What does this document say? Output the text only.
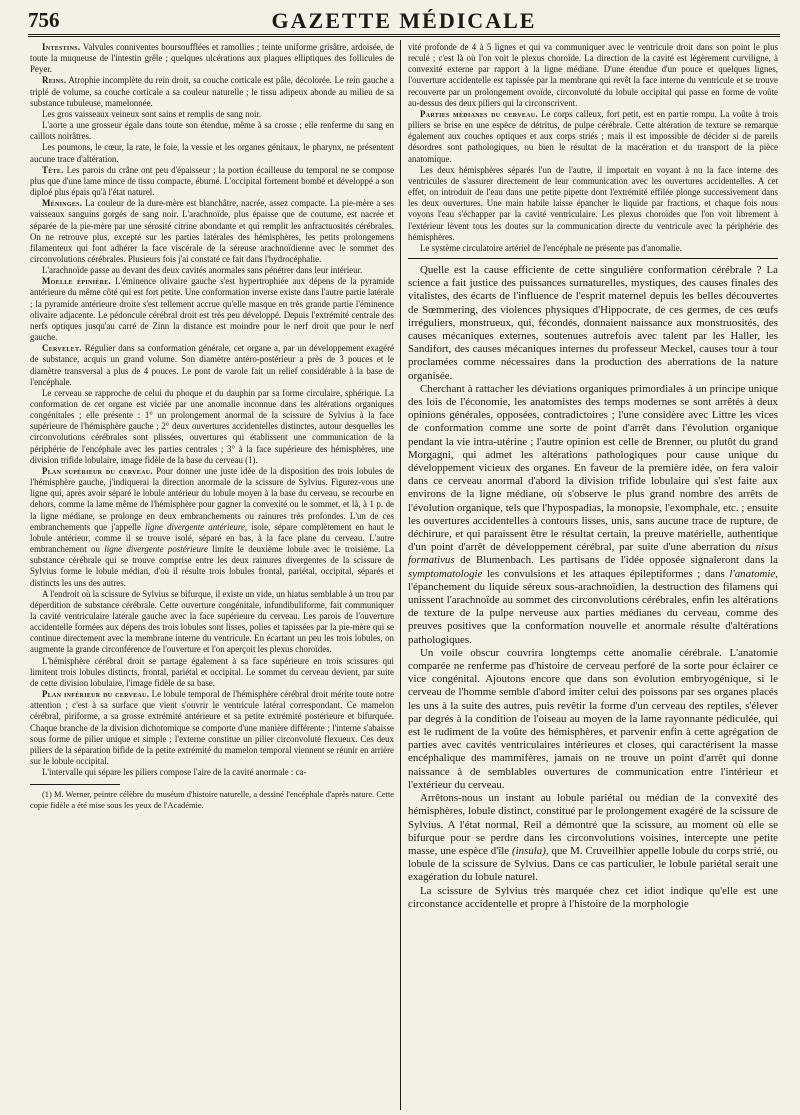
756	GAZETTE MÉDICALE

Intestins. Valvules conniventes boursoufflées et ramollies ; teinte uniforme grisâtre, ardoisée, de toute la muqueuse de l'intestin grêle ; quelques ulcérations aux plaques elliptiques des follicules de Peyer.

Reins. Atrophie incomplète du rein droit, sa couche corticale est pâle, décolorée. Le rein gauche a triplé de volume, sa couche corticale a sa couleur naturelle ; le tissu adipeux abonde au milieu de sa substance tubuleuse, mamelonnée.

Les gros vaisseaux veineux sont sains et remplis de sang noir.

L'aorte a une grosseur égale dans toute son étendue, même à sa crosse ; elle renferme du sang en caillots noirâtres.

Les poumons, le cœur, la rate, le foie, la vessie et les organes génitaux, le pharynx, ne présentent aucune trace d'altération.

Tête. Les parois du crâne ont peu d'épaisseur ; la portion écailleuse du temporal ne se compose plus que d'une lame mince de tissu compacte, éburné. L'occipital fortement bombé et développé a son diploé plus épais qu'à l'état naturel.

Méninges. La couleur de la dure-mère est blanchâtre, nacrée, assez compacte. La pie-mère a ses vaisseaux sanguins gorgés de sang noir. L'arachnoïde, plus épaisse que de coutume, est nacrée et séparée de la pie-mère par une sérosité citrine abondante et qui remplit les anfractuosités cérébrales. On ne retrouve plus, excepté sur les parties latérales des hémisphères, les petits prolongemens filamenteux qui font adhérer la face viscérale de la séreuse arachnoïdienne avec le sommet des circonvolutions cérébrales. Plusieurs fois j'ai constaté ce fait dans l'hydrocéphalie.

L'arachnoïde passe au devant des deux cavités anormales sans pénétrer dans leur intérieur.

Moelle épinière. L'éminence olivaire gauche s'est hypertrophiée aux dépens de la pyramide antérieure du même côté qui est fort petite. Une conformation inverse existe dans l'autre partie latérale ; la pyramide antérieure droite s'est tellement accrue qu'elle masque en très grande partie l'éminence olivaire adjacente. Le pédoncule cérébral droit est très peu développé. Depuis l'extrémité centrale des nerfs optiques jusqu'au carré de Zinn la distance est moindre pour le nerf droit que pour le nerf gauche.

Cervelet. Régulier dans sa conformation générale, cet organe a, par un développement exagéré de substance, acquis un grand volume. Son diamètre antéro-postérieur a près de 3 pouces et le diamètre transversal a plus de 4 pouces. Le pont de varole fait un relief considérable à la base de l'encéphale.

Le cerveau se rapproche de celui du phoque et du dauphin par sa forme circulaire, sphérique. La conformation de cet organe est viciée par une anomalie inconnue dans les altérations organiques congénitales ; elle présente : 1° un prolongement anormal de la scissure de Sylvius à la face supérieure de l'hémisphère gauche ; 2° deux ouvertures accidentelles distinctes, autour desquelles les circonvolutions cérébrales sont plissées, ouvertures qui établissent une communication de la périphérie de l'encéphale avec les parties centrales ; 3° à la face supérieure des hémisphères, une division trifide lobulaire, image fidèle de la base du cerveau (1).

Plan supérieur du cerveau. Pour donner une juste idée de la disposition des trois lobules de l'hémisphère gauche, j'indiquerai la direction anormale de la scissure de Sylvius. Figurez-vous une ligne qui, après avoir séparé le lobule antérieur du lobule moyen à la base du cerveau, se recourbe en dehors, comme la lame même de l'hémisphère pour gagner la convexité ou le sommet, et là, à 1 p. de la ligne médiane, se prolonge en deux embranchements ou rainures très profondes. L'un de ces embranchements que j'appelle ligne divergente antérieure, isole, sépare complètement en haut le lobule antérieur, comme il se trouve isolé, séparé en bas, à la face plane du cerveau. L'autre embranchement ou ligne divergente postérieure limite le deuxième lobule avec le troisième. La substance cérébrale qui se trouve comprise entre les deux rainures divergentes de la scissure de Sylvius forme le lobule médian, d'où il résulte trois lobules frontal, pariétal, occipital, séparés et distincts les uns des autres.

A l'endroit où la scissure de Sylvius se bifurque, il existe un vide, un hiatus semblable à un trou par déperdition de substance cérébrale. Cette ouverture congénitale, infundibuliforme, fait communiquer la cavité ventriculaire latérale gauche avec la face supérieure du cerveau. Les parois de l'ouverture accidentelle formées aux dépens des trois lobules sont lisses, polies et tapissées par la pie-mère qui se continue directement avec la membrane interne du ventricule. En écartant un peu les trois lobules, on augmente la grande circonférence de l'ouverture et l'on aperçoit les plexus choroïdes.

L'hémisphère cérébral droit se partage également à sa face supérieure en trois scissures qui limitent trois lobules distincts, frontal, pariétal et occipital. Le sommet du cerveau devient, par suite de cette division lobulaire, l'image fidèle de sa base.

Plan inférieur du cerveau. Le lobule temporal de l'hémisphère cérébral droit mérite toute notre attention ; c'est à sa surface que vient s'ouvrir le ventricule latéral correspondant. Ce mamelon cérébral, piriforme, a sa grosse extrémité antérieure et sa petite extrémité postérieure et bifurquée. Chaque branche de la division dichotomique se comporte d'une manière différente ; l'interne s'abaisse sous forme de pilier unique et simple ; l'externe constitue un pilier circonvoluté flexueux. Ces deux piliers de la séparation bifide de la petite extrémité du mamelon temporal viennent se réunir en arrière sur le lobule occipital.

L'intervalle qui sépare les piliers compose l'aire de la cavité anormale : ca-

(1) M. Werner, peintre célèbre du muséum d'histoire naturelle, a dessiné l'encéphale d'après nature. Cette copie fidèle a été mise sous les yeux de l'Académie.

vité profonde de 4 à 5 lignes et qui va communiquer avec le ventricule droit dans son point le plus reculé ; c'est là où l'on voit le plexus choroïde. La direction de la cavité est légèrement curviligne, à convexité externe par rapport à la ligne médiane. D'une étendue d'un pouce et quelques lignes, l'ouverture accidentelle est tapissée par la membrane qui revêt la face interne du ventricule et se trouve recouverte par un prolongement ovoïde, circonvoluté du lobule occipital qui passe en forme de voûte au-dessus des deux piliers qui la circonscrivent.

Parties médianes du cerveau. Le corps calleux, fort petit, est en partie rompu. La voûte à trois piliers se brise en une espèce de détritus, de pulpe cérébrale. Cette altération de texture se remarque également aux couches optiques et aux corps striés ; mais il est impossible de décider si de pareils désordres sont pathologiques, ou bien le résultat de la macération et du transport de la pièce anatomique.

Les deux hémisphères séparés l'un de l'autre, il importait en voyant à nu la face interne des ventricules de s'assurer directement de leur communication avec les ouvertures accidentelles. A cet effet, on introduit de l'eau dans une petite pipette dont l'extrémité effilée plonge successivement dans les deux ouvertures. Une main habile laisse épancher le liquide par fractions, et chaque fois nous voyons l'eau s'échapper par la cavité ventriculaire. Les plexus choroïdes que l'on voit librement à l'extérieur lèvent tous les doutes sur la communication directe du ventricule avec la périphérie des hémisphères.

Le système circulatoire artériel de l'encéphale ne présente pas d'anomalie.

Quelle est la cause efficiente de cette singulière conformation cérébrale ? La science a fait justice des puissances surnaturelles, mystiques, des causes finales des vitalistes, des écarts de l'influence de l'esprit maternel depuis les belles découvertes de Sœmmering, des violences physiques d'Hippocrate, de ces germes, de ces œufs irréguliers, monstrueux, qui, fécondés, donnaient naissance aux monstruosités, des causes mécaniques externes, soutenues autrefois avec talent par les Haller, les Sandifort, des causes mécaniques internes du professeur Meckel, causes tour à tour proclamées comme nécessaires dans la production des aberrations de la nature organisée.

Cherchant à rattacher les déviations organiques primordiales à un principe unique des lois de l'économie, les anatomistes des temps modernes se sont arrêtés à deux opinions générales, opposées, contradictoires ; l'une considère avec Littre les vices de conformation comme une sorte de point d'arrêt dans l'évolution organique pendant la vie intra-utérine ; l'autre opinion est celle de Brenner, ou plutôt du grand Morgagni, qui admet les altérations pathologiques pour cause unique du développement vicieux des organes. En faveur de la première idée, on fera valoir dans ce cerveau anormal d'abord la division trifide lobulaire qui s'est faite aux environs de la ligne médiane, où s'observe le plus grand nombre des arrêts de l'évolution organique, tels que l'hypospadias, la monopsie, l'exomphale, etc. ; ensuite les ouvertures accidentelles à contours lisses, unis, sans aucune trace de rupture, de déchirure, et qui paraissent être le résultat certain, la preuve matérielle, authentique d'un point d'arrêt de développement cérébral, par suite d'une aberration du nisus formativus de Blumenbach. Les partisans de l'idée opposée signaleront dans la symptomatologie les convulsions et les attaques épileptiformes ; dans l'anatomie, l'épanchement du liquide séreux sous-arachnoïdien, la destruction des filamens qui unissent l'arachnoïde au sommet des circonvolutions cérébrales, enfin les altérations de texture de la pulpe nerveuse aux parties médianes du cerveau, comme des preuves positives que la conformation nouvelle et anormale résulte d'altérations pathologiques.

Un voile obscur couvrira longtemps cette anomalie cérébrale. L'anatomie comparée ne renferme pas d'histoire de cerveau perforé de la sorte pour éclairer ce vice congénital. Ajoutons encore que dans son évolution embryogénique, si le cerveau de l'homme semble d'abord imiter celui des poissons par ses organes placés les uns à la suite des autres, puis revêtir la forme d'un cerveau des reptiles, s'élever par degrés à la condition de l'oiseau au moyen de la lame rayonnante pédiculée, qui est le rudiment de la voûte des hémisphères, et parvenir enfin à cette agrégation de parties avec cavités ventriculaires intérieures et closes, qui caractérisent la masse encéphalique des mammifères, jamais on ne trouve un point d'arrêt qui donne naissance à de semblables ouvertures de communication entre l'intérieur et l'extérieur du cerveau.

Arrêtons-nous un instant au lobule pariétal ou médian de la convexité des hémisphères, lobule distinct, constitué par le prolongement exagéré de la scissure de Sylvius. A l'état normal, Reil a démontré que la scissure, au moment où elle se bifurque pour se perdre dans les circonvolutions voisines, intercepte une petite masse, une espèce d'île (insula), que M. Cruveilhier appelle lobule du corps strié, ou lobule de la scissure de Sylvius. Dans ce cas particulier, le lobule pariétal serait une exagération du lobule naturel.

La scissure de Sylvius très marquée chez cet idiot indique qu'elle est une circonstance accidentelle et propre à l'histoire de la morphologie
